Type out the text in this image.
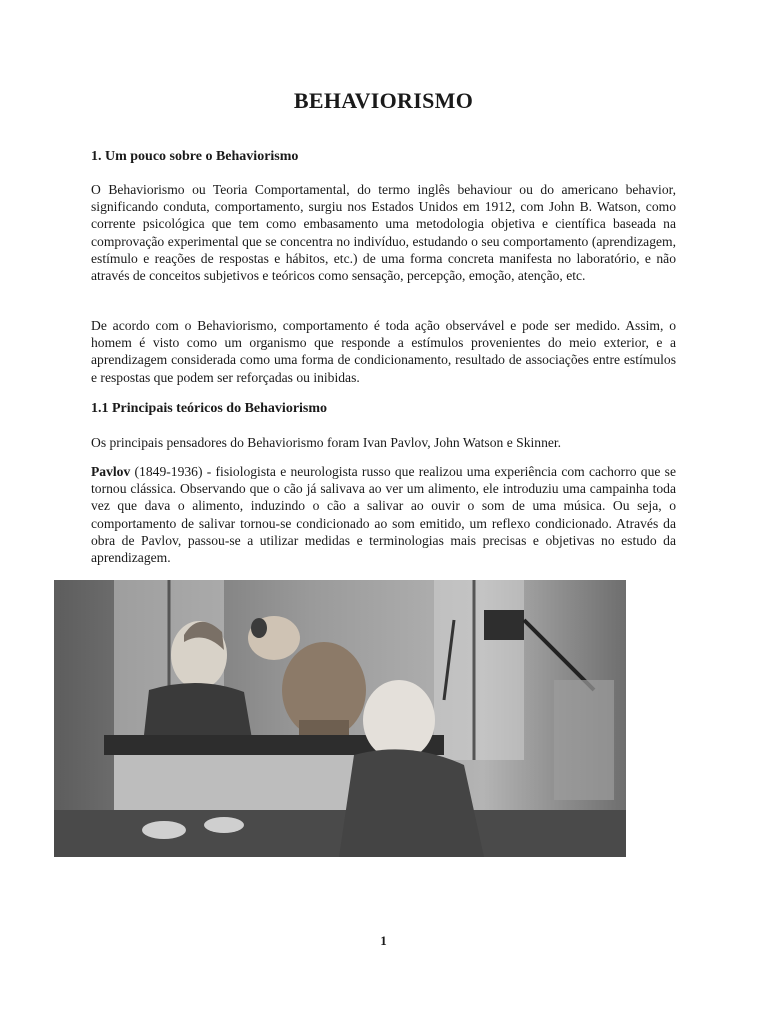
BEHAVIORISMO
1. Um pouco sobre o Behaviorismo

O Behaviorismo ou Teoria Comportamental, do termo inglês behaviour ou do americano behavior, significando conduta, comportamento, surgiu nos Estados Unidos em 1912, com John B. Watson, como corrente psicológica que tem como embasamento uma metodologia objetiva e científica baseada na comprovação experimental que se concentra no indivíduo, estudando o seu comportamento (aprendizagem, estímulo e reações de respostas e hábitos, etc.) de uma forma concreta manifesta no laboratório, e não através de conceitos subjetivos e teóricos como sensação, percepção, emoção, atenção, etc.

De acordo com o Behaviorismo, comportamento é toda ação observável e pode ser medido. Assim, o homem é visto como um organismo que responde a estímulos provenientes do meio exterior, e a aprendizagem considerada como uma forma de condicionamento, resultado de associações entre estímulos e respostas que podem ser reforçadas ou inibidas.

1.1 Principais teóricos do Behaviorismo

Os principais pensadores do Behaviorismo foram Ivan Pavlov, John Watson e Skinner.

Pavlov (1849-1936) - fisiologista e neurologista russo que realizou uma experiência com cachorro que se tornou clássica. Observando que o cão já salivava ao ver um alimento, ele introduziu uma campainha toda vez que dava o alimento, induzindo o cão a salivar ao ouvir o som de uma música. Ou seja, o comportamento de salivar tornou-se condicionado ao som emitido, um reflexo condicionado. Através da obra de Pavlov, passou-se a utilizar medidas e terminologias mais precisas e objetivas no estudo da aprendizagem.

1
